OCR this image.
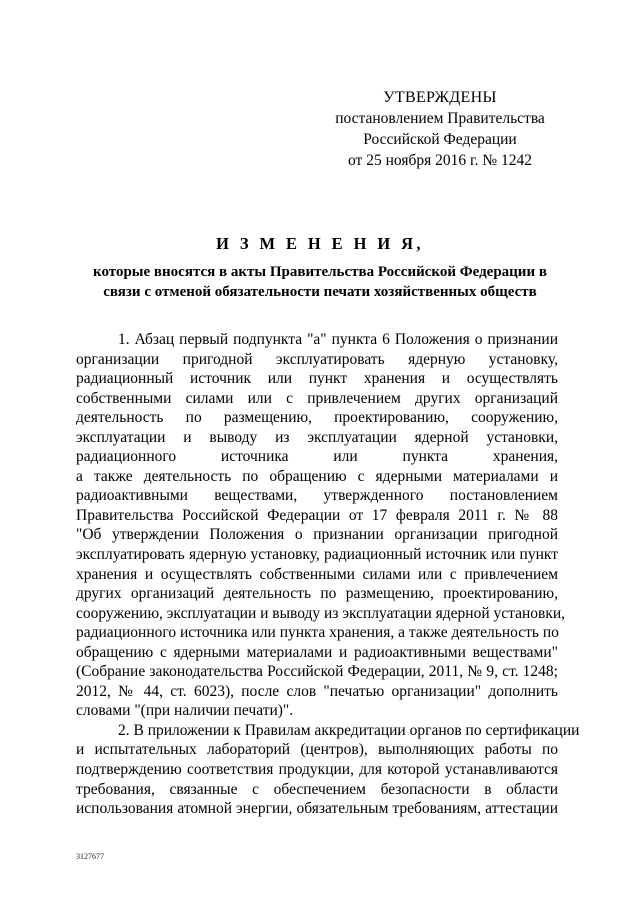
УТВЕРЖДЕНЫ
постановлением Правительства
Российской Федерации
от 25 ноября 2016 г. № 1242
И З М Е Н Е Н И Я,
которые вносятся в акты Правительства Российской Федерации в
связи с отменой обязательности печати хозяйственных обществ
1. Абзац первый подпункта "а" пункта 6 Положения о признании
организации пригодной эксплуатировать ядерную установку,
радиационный источник или пункт хранения и осуществлять
собственными силами или с привлечением других организаций
деятельность по размещению, проектированию, сооружению,
эксплуатации и выводу из эксплуатации ядерной установки,
радиационного источника или пункта хранения,
а также деятельность по обращению с ядерными материалами и
радиоактивными веществами, утвержденного постановлением
Правительства Российской Федерации от 17 февраля 2011 г. № 88
"Об утверждении Положения о признании организации пригодной
эксплуатировать ядерную установку, радиационный источник или пункт
хранения и осуществлять собственными силами или с привлечением
других организаций деятельность по размещению, проектированию,
сооружению, эксплуатации и выводу из эксплуатации ядерной установки,
радиационного источника или пункта хранения, а также деятельность по
обращению с ядерными материалами и радиоактивными веществами"
(Собрание законодательства Российской Федерации, 2011, № 9, ст. 1248;
2012, № 44, ст. 6023), после слов "печатью организации" дополнить
словами "(при наличии печати)".
2. В приложении к Правилам аккредитации органов по сертификации
и испытательных лабораторий (центров), выполняющих работы по
подтверждению соответствия продукции, для которой устанавливаются
требования, связанные с обеспечением безопасности в области
использования атомной энергии, обязательным требованиям, аттестации
3127677
